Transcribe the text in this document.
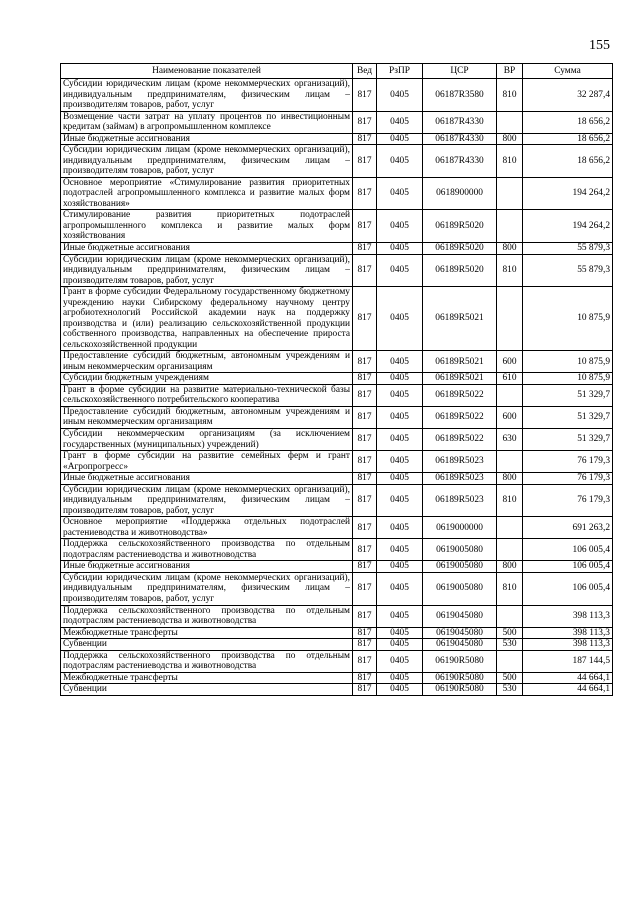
155
Наименование показателей	Вед	РзПР	ЦСР	ВР	Сумма
Субсидии юридическим лицам (кроме некоммерческих организаций), индивидуальным предпринимателям, физическим лицам – производителям товаров, работ, услуг	817	0405	06187R3580	810	32 287,4
Возмещение части затрат на уплату процентов по инвестиционным кредитам (займам) в агропромышленном комплексе	817	0405	06187R4330		18 656,2
Иные бюджетные ассигнования	817	0405	06187R4330	800	18 656,2
Субсидии юридическим лицам (кроме некоммерческих организаций), индивидуальным предпринимателям, физическим лицам – производителям товаров, работ, услуг	817	0405	06187R4330	810	18 656,2
Основное мероприятие «Стимулирование развития приоритетных подотраслей агропромышленного комплекса и развитие малых форм хозяйствования»	817	0405	0618900000		194 264,2
Стимулирование развития приоритетных подотраслей агропромышленного комплекса и развитие малых форм хозяйствования	817	0405	06189R5020		194 264,2
Иные бюджетные ассигнования	817	0405	06189R5020	800	55 879,3
Субсидии юридическим лицам (кроме некоммерческих организаций), индивидуальным предпринимателям, физическим лицам – производителям товаров, работ, услуг	817	0405	06189R5020	810	55 879,3
Грант в форме субсидии Федеральному государственному бюджетному учреждению науки Сибирскому федеральному научному центру агробиотехнологий Российской академии наук на поддержку производства и (или) реализацию сельскохозяйственной продукции собственного производства, направленных на обеспечение прироста сельскохозяйственной продукции	817	0405	06189R5021		10 875,9
Предоставление субсидий бюджетным, автономным учреждениям и иным некоммерческим организациям	817	0405	06189R5021	600	10 875,9
Субсидии бюджетным учреждениям	817	0405	06189R5021	610	10 875,9
Грант в форме субсидии на развитие материально-технической базы сельскохозяйственного потребительского кооператива	817	0405	06189R5022		51 329,7
Предоставление субсидий бюджетным, автономным учреждениям и иным некоммерческим организациям	817	0405	06189R5022	600	51 329,7
Субсидии некоммерческим организациям (за исключением государственных (муниципальных) учреждений)	817	0405	06189R5022	630	51 329,7
Грант в форме субсидии на развитие семейных ферм и грант «Агропрогресс»	817	0405	06189R5023		76 179,3
Иные бюджетные ассигнования	817	0405	06189R5023	800	76 179,3
Субсидии юридическим лицам (кроме некоммерческих организаций), индивидуальным предпринимателям, физическим лицам – производителям товаров, работ, услуг	817	0405	06189R5023	810	76 179,3
Основное мероприятие «Поддержка отдельных подотраслей растениеводства и животноводства»	817	0405	0619000000		691 263,2
Поддержка сельскохозяйственного производства по отдельным подотраслям растениеводства и животноводства	817	0405	0619005080		106 005,4
Иные бюджетные ассигнования	817	0405	0619005080	800	106 005,4
Субсидии юридическим лицам (кроме некоммерческих организаций), индивидуальным предпринимателям, физическим лицам – производителям товаров, работ, услуг	817	0405	0619005080	810	106 005,4
Поддержка сельскохозяйственного производства по отдельным подотраслям растениеводства и животноводства	817	0405	0619045080		398 113,3
Межбюджетные трансферты	817	0405	0619045080	500	398 113,3
Субвенции	817	0405	0619045080	530	398 113,3
Поддержка сельскохозяйственного производства по отдельным подотраслям растениеводства и животноводства	817	0405	06190R5080		187 144,5
Межбюджетные трансферты	817	0405	06190R5080	500	44 664,1
Субвенции	817	0405	06190R5080	530	44 664,1
